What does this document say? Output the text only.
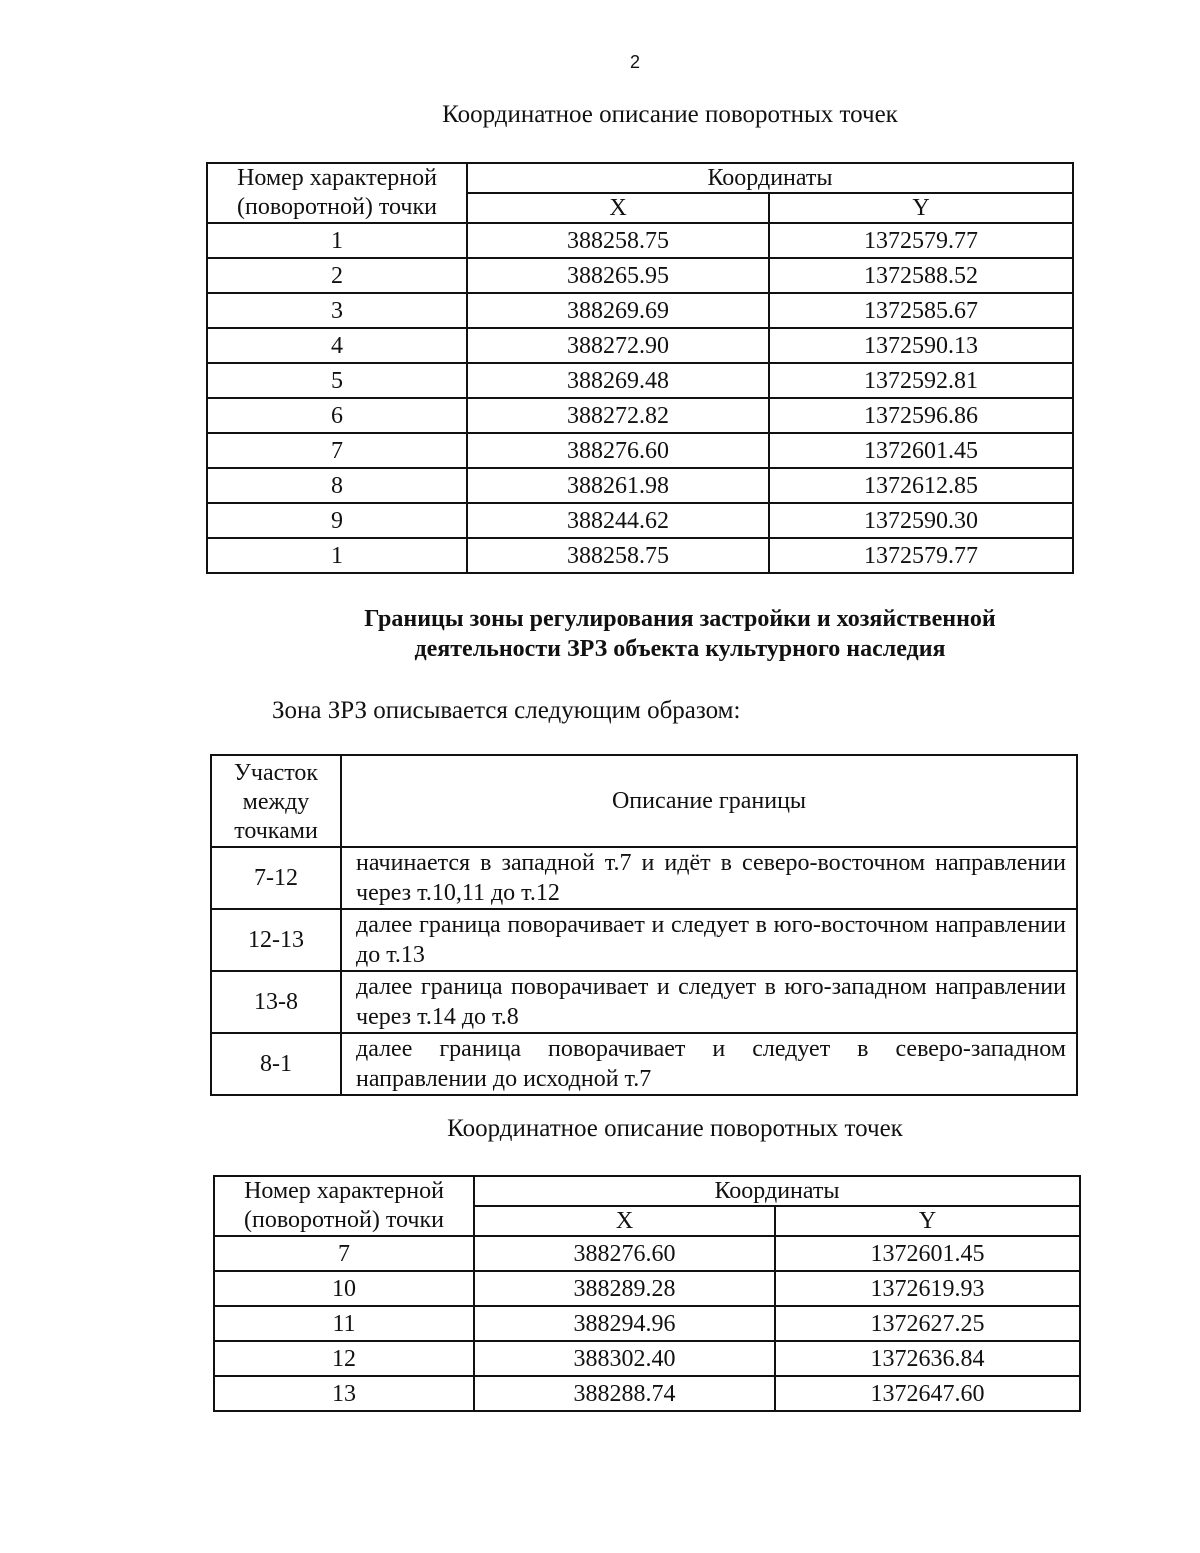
2
Координатное описание поворотных точек
Номер характерной
(поворотной) точки	Координаты	
	X	Y
1	388258.75	1372579.77
2	388265.95	1372588.52
3	388269.69	1372585.67
4	388272.90	1372590.13
5	388269.48	1372592.81
6	388272.82	1372596.86
7	388276.60	1372601.45
8	388261.98	1372612.85
9	388244.62	1372590.30
1	388258.75	1372579.77
Границы зоны регулирования застройки и хозяйственной
деятельности ЗРЗ объекта культурного наследия
Зона ЗРЗ описывается следующим образом:
Участок
между
точками	Описание границы
7-12	начинается в западной т.7 и идёт в северо-восточном направлении через т.10,11 до т.12
12-13	далее граница поворачивает и следует в юго-восточном направлении до т.13
13-8	далее граница поворачивает и следует в юго-западном направлении через т.14 до т.8
8-1	далее граница поворачивает и следует в северо-западном направлении до исходной т.7
Координатное описание поворотных точек
Номер характерной
(поворотной) точки	Координаты	
	X	Y
7	388276.60	1372601.45
10	388289.28	1372619.93
11	388294.96	1372627.25
12	388302.40	1372636.84
13	388288.74	1372647.60
